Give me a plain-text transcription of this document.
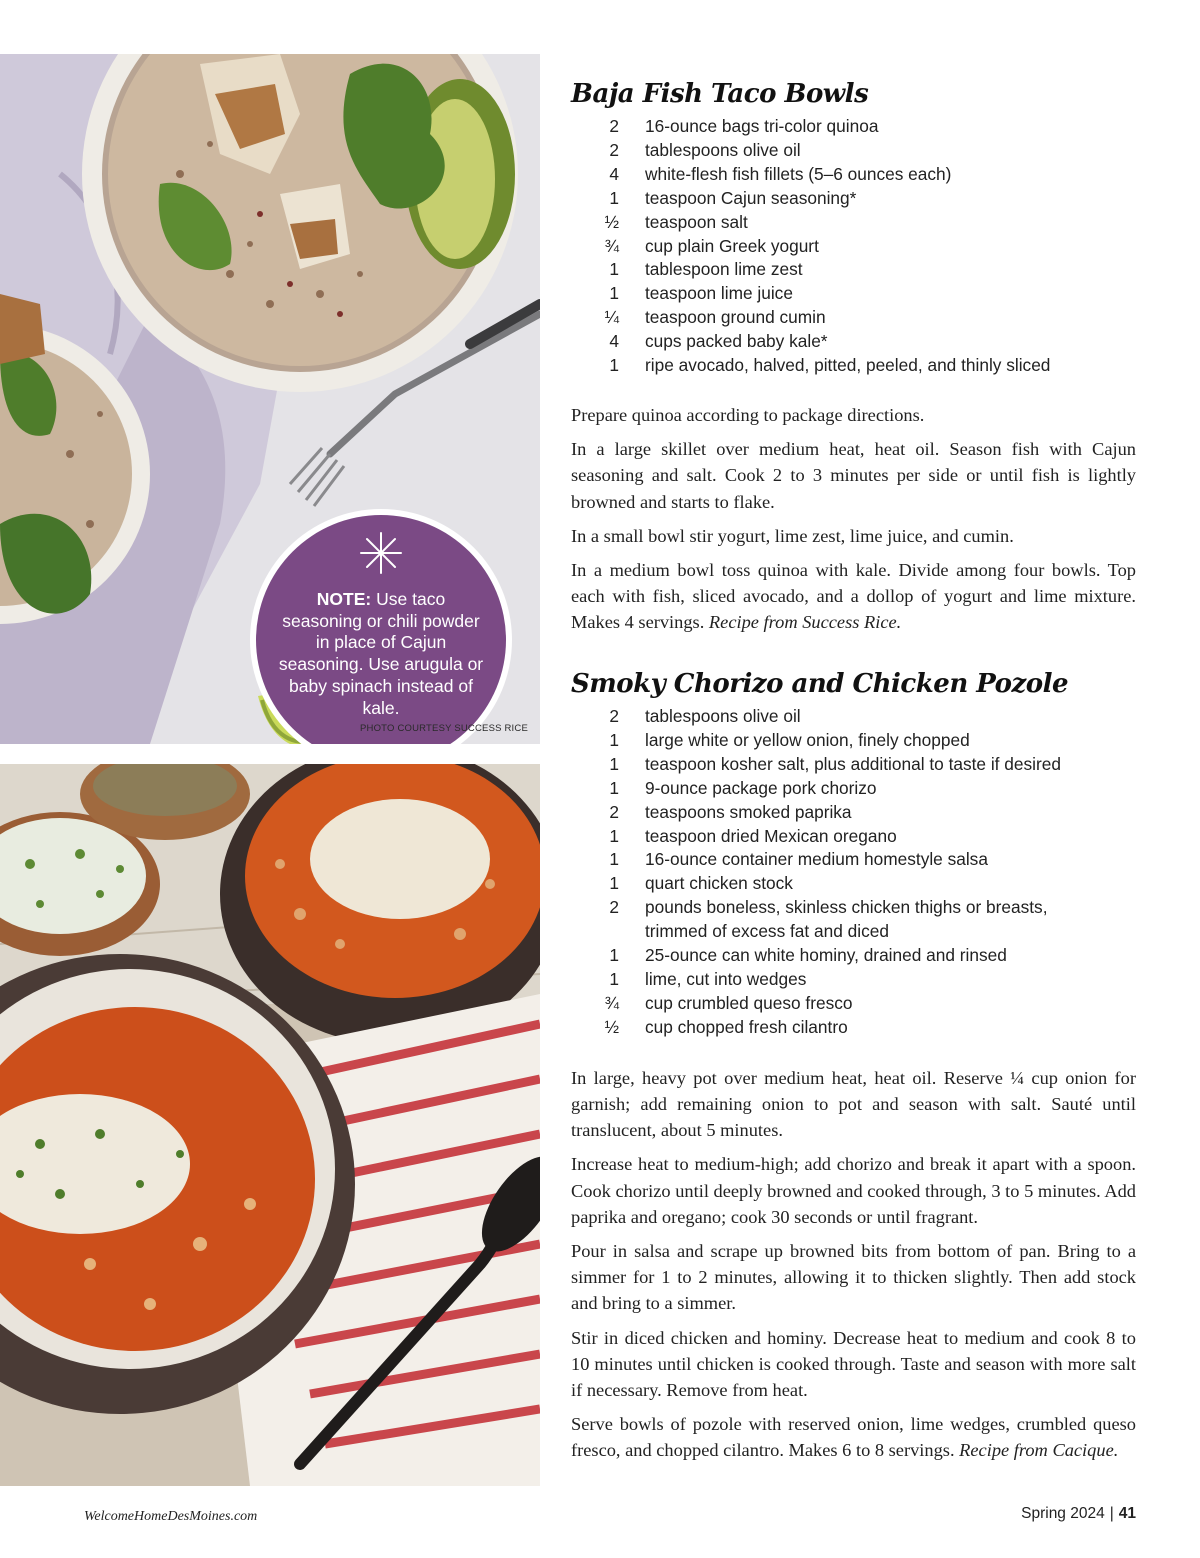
NOTE: Use taco seasoning or chili powder in place of Cajun seasoning. Use arugula or baby spinach instead of kale.
PHOTO COURTESY SUCCESS RICE
Baja Fish Taco Bowls
2	16-ounce bags tri-color quinoa
2	tablespoons olive oil
4	white-flesh fish fillets (5–6 ounces each)
1	teaspoon Cajun seasoning*
½	teaspoon salt
¾	cup plain Greek yogurt
1	tablespoon lime zest
1	teaspoon lime juice
¼	teaspoon ground cumin
4	cups packed baby kale*
1	ripe avocado, halved, pitted, peeled, and thinly sliced

Prepare quinoa according to package directions.

In a large skillet over medium heat, heat oil. Season fish with Cajun seasoning and salt. Cook 2 to 3 minutes per side or until fish is lightly browned and starts to flake.

In a small bowl stir yogurt, lime zest, lime juice, and cumin.

In a medium bowl toss quinoa with kale. Divide among four bowls. Top each with fish, sliced avocado, and a dollop of yogurt and lime mixture. Makes 4 servings. Recipe from Success Rice.

Smoky Chorizo and Chicken Pozole
2	tablespoons olive oil
1	large white or yellow onion, finely chopped
1	teaspoon kosher salt, plus additional to taste if desired
1	9-ounce package pork chorizo
2	teaspoons smoked paprika
1	teaspoon dried Mexican oregano
1	16-ounce container medium homestyle salsa
1	quart chicken stock
2	pounds boneless, skinless chicken thighs or breasts, trimmed of excess fat and diced
1	25-ounce can white hominy, drained and rinsed
1	lime, cut into wedges
¾	cup crumbled queso fresco
½	cup chopped fresh cilantro

In large, heavy pot over medium heat, heat oil. Reserve ¼ cup onion for garnish; add remaining onion to pot and season with salt. Sauté until translucent, about 5 minutes.

Increase heat to medium-high; add chorizo and break it apart with a spoon. Cook chorizo until deeply browned and cooked through, 3 to 5 minutes. Add paprika and oregano; cook 30 seconds or until fragrant.

Pour in salsa and scrape up browned bits from bottom of pan. Bring to a simmer for 1 to 2 minutes, allowing it to thicken slightly. Then add stock and bring to a simmer.

Stir in diced chicken and hominy. Decrease heat to medium and cook 8 to 10 minutes until chicken is cooked through. Taste and season with more salt if necessary. Remove from heat.

Serve bowls of pozole with reserved onion, lime wedges, crumbled queso fresco, and chopped cilantro. Makes 6 to 8 servings. Recipe from Cacique.

WelcomeHomeDesMoines.com	Spring 2024 | 41
